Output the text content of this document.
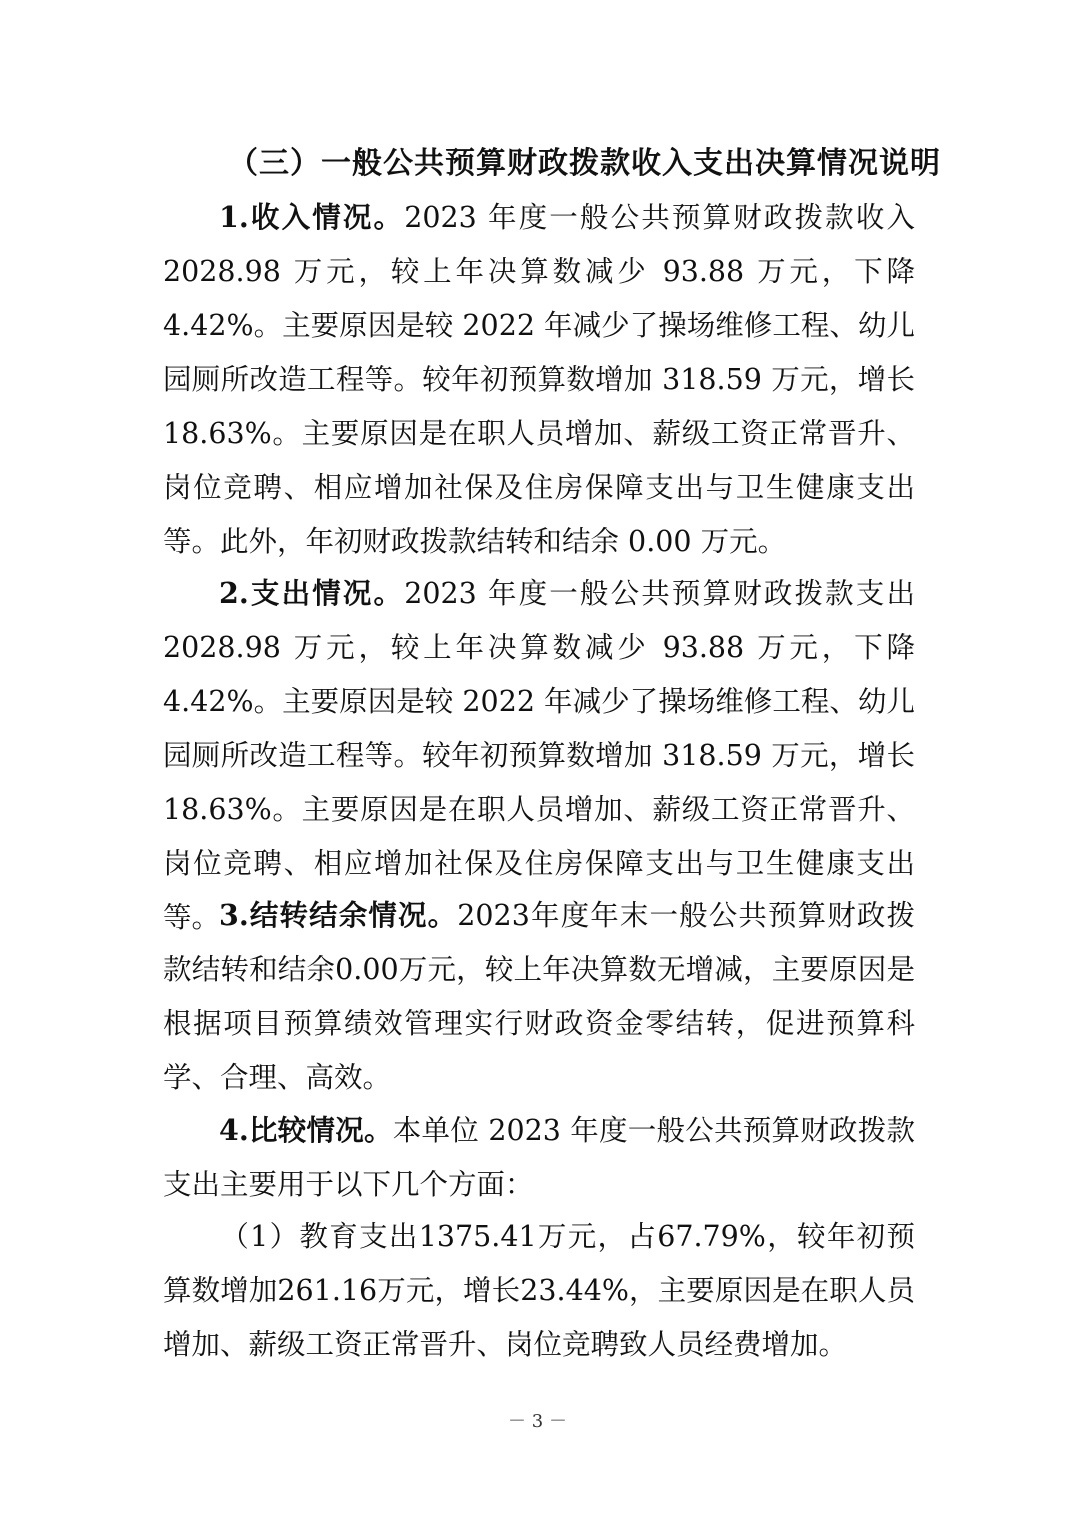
（三）一般公共预算财政拨款收入支出决算情况说明
1.收入情况。2023 年度一般公共预算财政拨款收入 2028.98 万元，较上年决算数减少 93.88 万元，下降 4.42%。主要原因是较 2022 年减少了操场维修工程、幼儿园厕所改造工程等。较年初预算数增加 318.59 万元，增长 18.63%。主要原因是在职人员增加、薪级工资正常晋升、岗位竞聘、相应增加社保及住房保障支出与卫生健康支出等。此外，年初财政拨款结转和结余 0.00 万元。
2.支出情况。2023 年度一般公共预算财政拨款支出 2028.98 万元，较上年决算数减少 93.88 万元，下降 4.42%。主要原因是较 2022 年减少了操场维修工程、幼儿园厕所改造工程等。较年初预算数增加 318.59 万元，增长 18.63%。主要原因是在职人员增加、薪级工资正常晋升、岗位竞聘、相应增加社保及住房保障支出与卫生健康支出等。
3.结转结余情况。2023年度年末一般公共预算财政拨款结转和结余0.00万元，较上年决算数无增减，主要原因是根据项目预算绩效管理实行财政资金零结转，促进预算科学、合理、高效。
4.比较情况。本单位 2023 年度一般公共预算财政拨款支出主要用于以下几个方面：
（1）教育支出1375.41万元，占67.79%，较年初预算数增加261.16万元，增长23.44%，主要原因是在职人员增加、薪级工资正常晋升、岗位竞聘致人员经费增加。
－ 3 －
